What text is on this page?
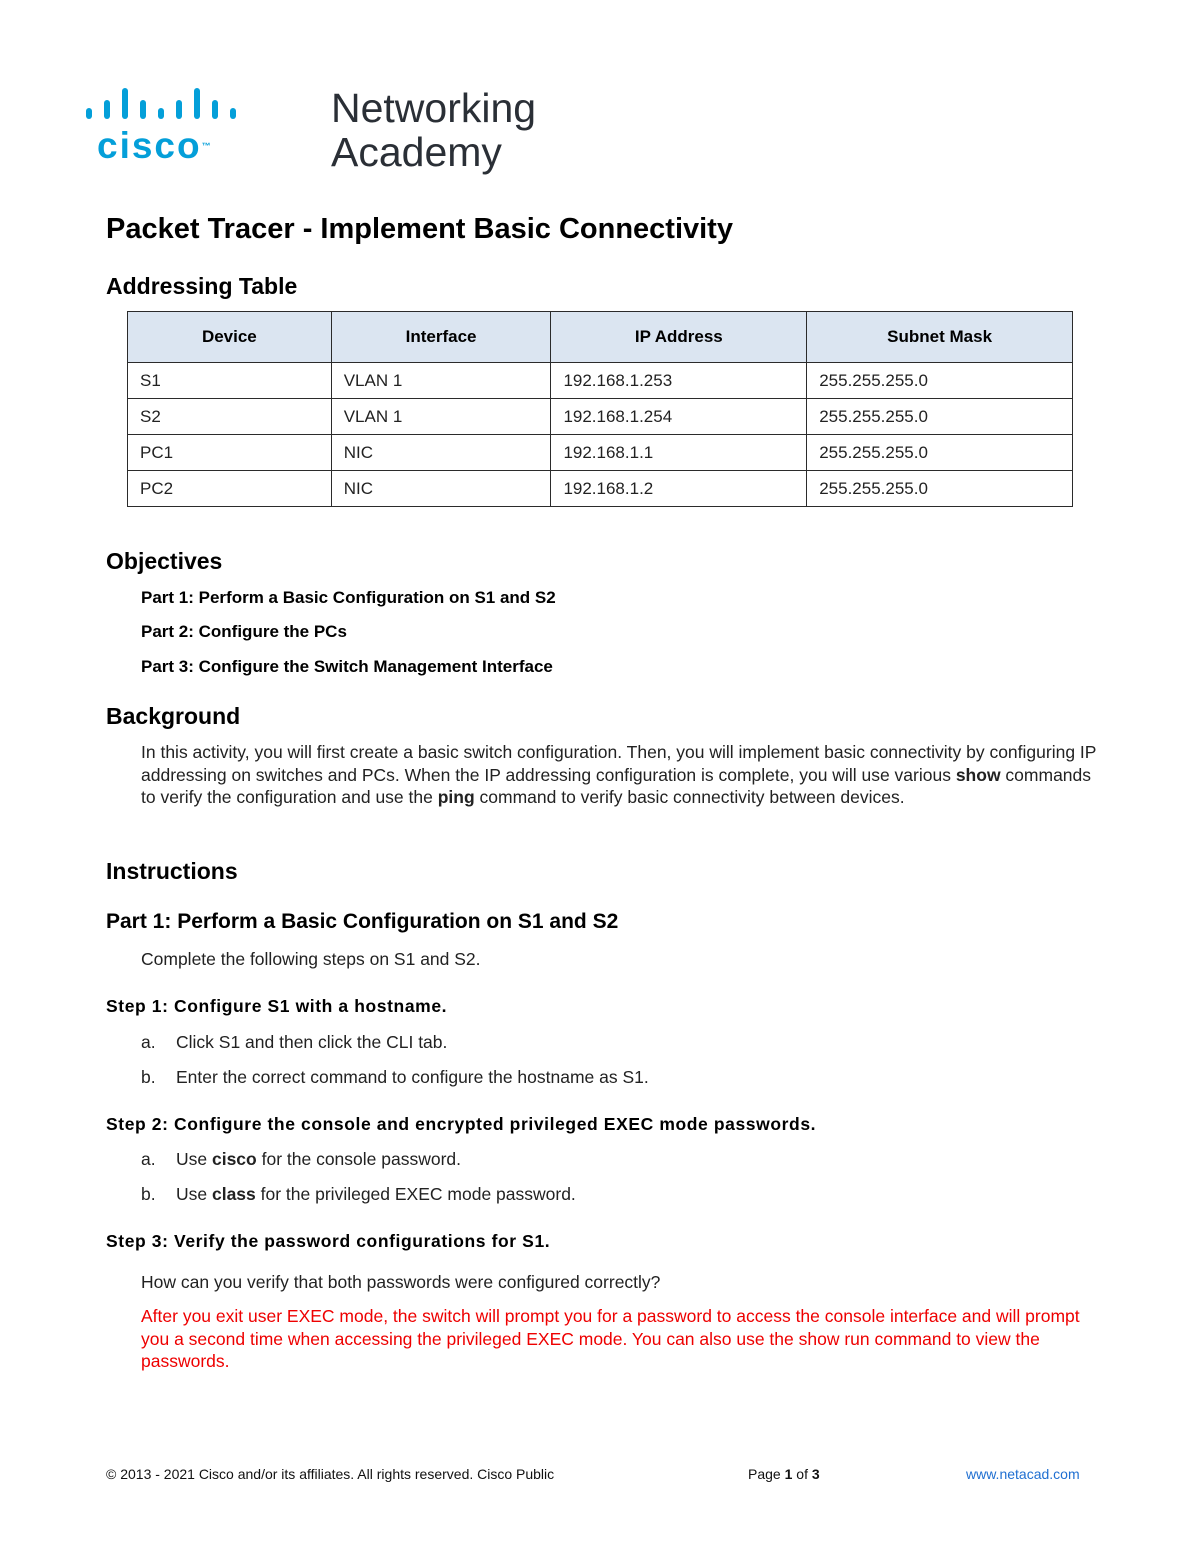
cisco™
Networking
Academy
Packet Tracer - Implement Basic Connectivity
Addressing Table
Device	Interface	IP Address	Subnet Mask
S1	VLAN 1	192.168.1.253	255.255.255.0
S2	VLAN 1	192.168.1.254	255.255.255.0
PC1	NIC	192.168.1.1	255.255.255.0
PC2	NIC	192.168.1.2	255.255.255.0
Objectives
Part 1: Perform a Basic Configuration on S1 and S2
Part 2: Configure the PCs
Part 3: Configure the Switch Management Interface
Background
In this activity, you will first create a basic switch configuration. Then, you will implement basic connectivity by configuring IP addressing on switches and PCs. When the IP addressing configuration is complete, you will use various show commands to verify the configuration and use the ping command to verify basic connectivity between devices.
Instructions
Part 1: Perform a Basic Configuration on S1 and S2
Complete the following steps on S1 and S2.
Step 1: Configure S1 with a hostname.
a. Click S1 and then click the CLI tab.
b. Enter the correct command to configure the hostname as S1.
Step 2: Configure the console and encrypted privileged EXEC mode passwords.
a. Use cisco for the console password.
b. Use class for the privileged EXEC mode password.
Step 3: Verify the password configurations for S1.
How can you verify that both passwords were configured correctly?
After you exit user EXEC mode, the switch will prompt you for a password to access the console interface and will prompt you a second time when accessing the privileged EXEC mode. You can also use the show run command to view the passwords.
© 2013 - 2021 Cisco and/or its affiliates. All rights reserved. Cisco Public	Page 1 of 3	www.netacad.com
